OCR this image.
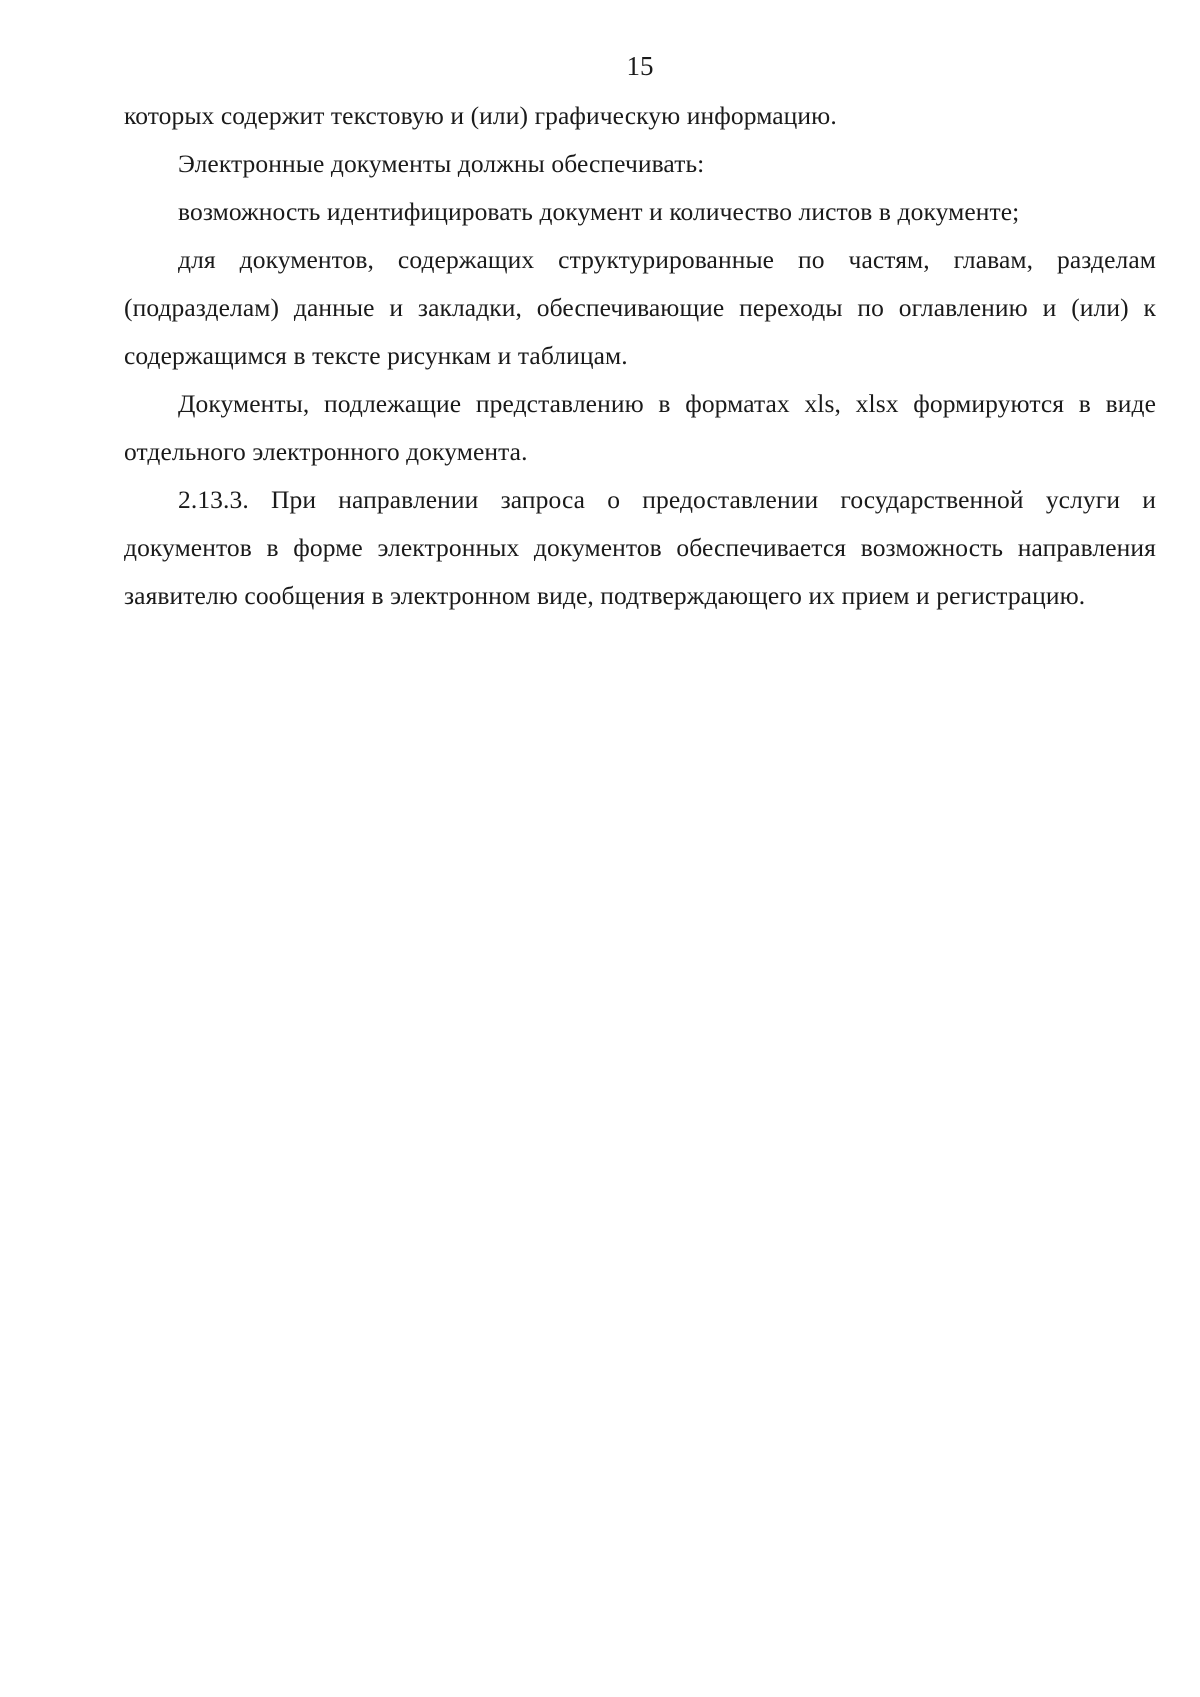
15

которых содержит текстовую и (или) графическую информацию.

Электронные документы должны обеспечивать:

возможность идентифицировать документ и количество листов в документе;

для документов, содержащих структурированные по частям, главам, разделам (подразделам) данные и закладки, обеспечивающие переходы по оглавлению и (или) к содержащимся в тексте рисункам и таблицам.

Документы, подлежащие представлению в форматах xls, xlsx формируются в виде отдельного электронного документа.

2.13.3. При направлении запроса о предоставлении государственной услуги и документов в форме электронных документов обеспечивается возможность направления заявителю сообщения в электронном виде, подтверждающего их прием и регистрацию.
